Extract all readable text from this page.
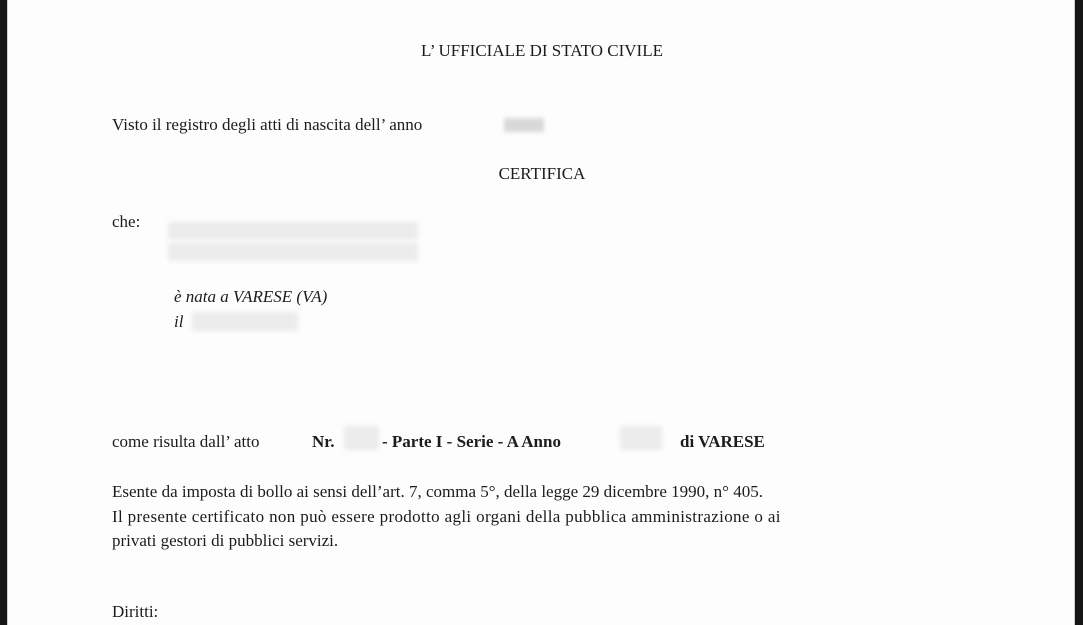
L’ UFFICIALE DI STATO CIVILE
Visto il registro degli atti di nascita dell’ anno
CERTIFICA
che:
è nata a VARESE (VA)
il
come risulta dall’ atto	Nr.	- Parte I - Serie - A Anno	di VARESE
Esente da imposta di bollo ai sensi dell’art. 7, comma 5°, della legge 29 dicembre 1990, n° 405.
Il presente certificato non può essere prodotto agli organi della pubblica amministrazione o ai
privati gestori di pubblici servizi.
Diritti:
